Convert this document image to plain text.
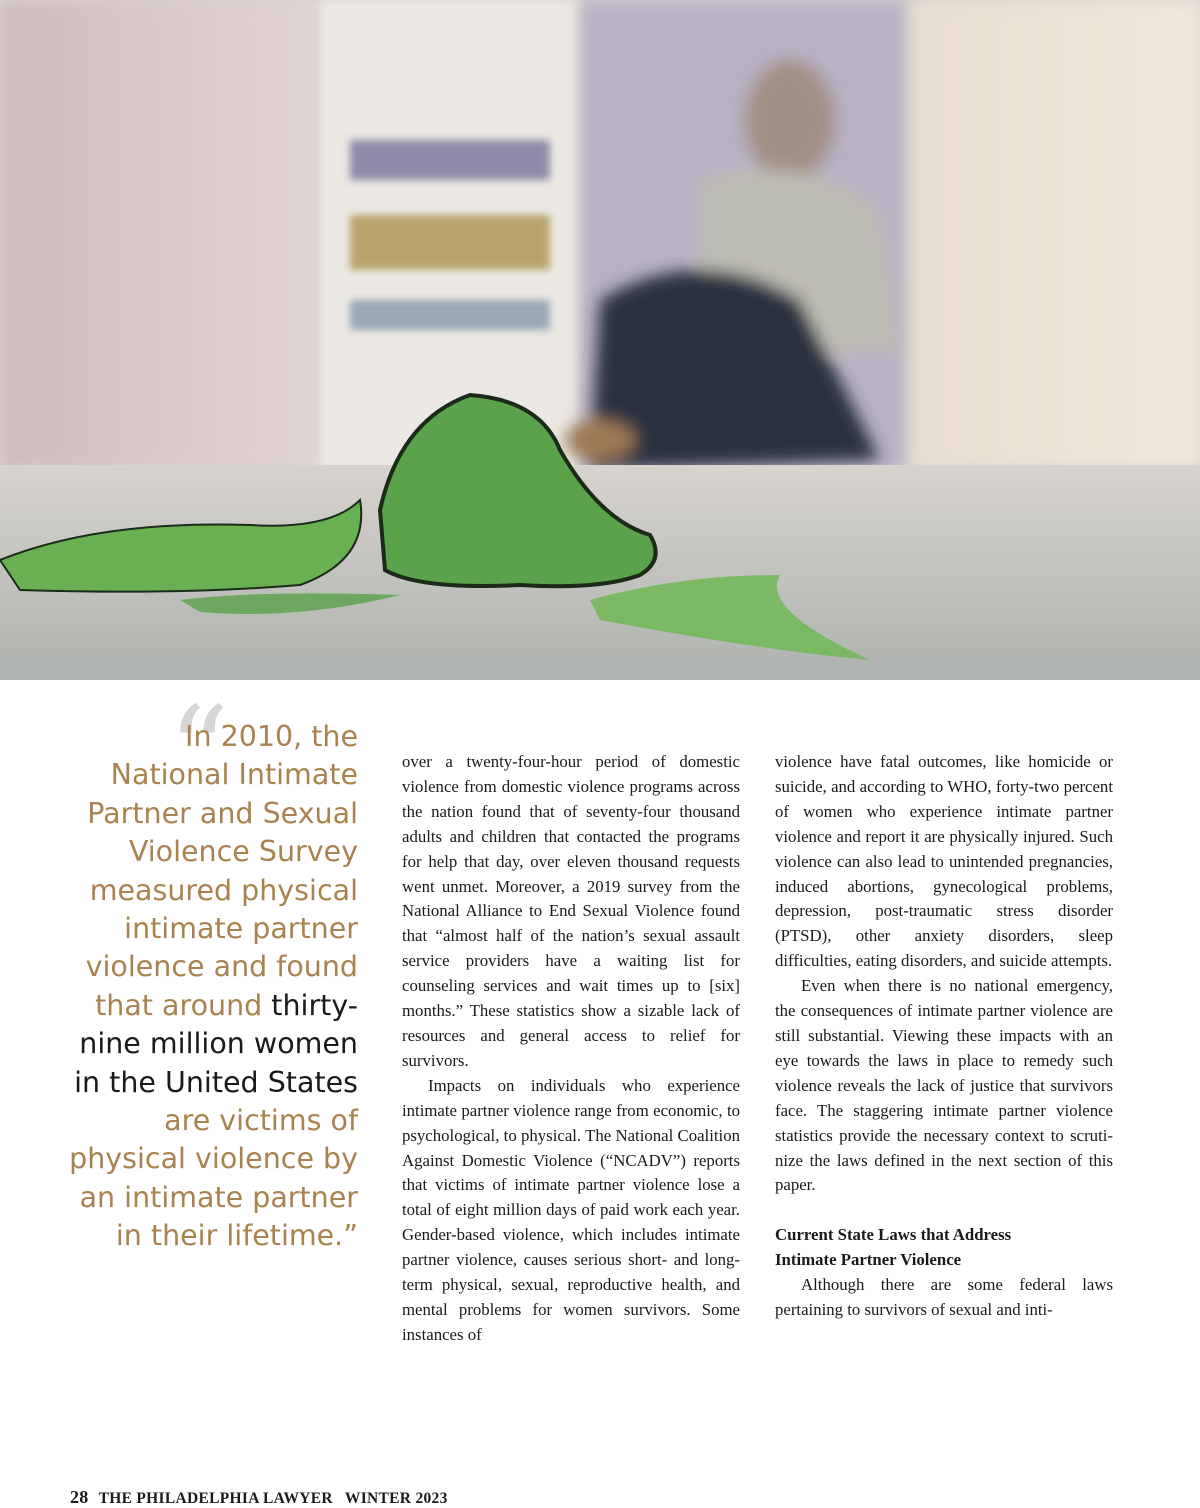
“
In 2010, the National Intimate Partner and Sexual Violence Survey measured physical intimate partner violence and found that around thirty-nine million women in the United States are victims of physical violence by an intimate partner in their lifetime.”

over a twenty-four-hour period of domestic violence from domestic violence programs across the nation found that of seventy-four thousand adults and children that contacted the programs for help that day, over eleven thousand requests went unmet. Moreover, a 2019 survey from the National Alliance to End Sexual Violence found that “almost half of the nation’s sexual assault service providers have a waiting list for counseling services and wait times up to [six] months.” These statistics show a sizable lack of resources and general access to relief for survivors.

Impacts on individuals who experience intimate partner violence range from economic, to psychological, to physical. The National Coalition Against Domestic Violence (“NCADV”) reports that victims of intimate partner violence lose a total of eight million days of paid work each year. Gender-based violence, which includes intimate partner violence, causes serious short- and long-term physical, sexual, reproductive health, and mental problems for women survivors. Some instances of

violence have fatal outcomes, like homicide or suicide, and according to WHO, forty-two percent of women who experience intimate partner violence and report it are physically injured. Such violence can also lead to unintended pregnancies, induced abortions, gynecological problems, depression, post-traumatic stress disorder (PTSD), other anxiety disorders, sleep difficulties, eating disorders, and suicide attempts.

Even when there is no national emergency, the consequences of intimate partner violence are still substantial. Viewing these impacts with an eye towards the laws in place to remedy such violence reveals the lack of justice that survivors face. The staggering intimate partner violence statistics provide the necessary context to scrutinize the laws defined in the next section of this paper.

Current State Laws that Address
Intimate Partner Violence

Although there are some federal laws pertaining to survivors of sexual and inti-

28 THE PHILADELPHIA LAWYER WINTER 2023
